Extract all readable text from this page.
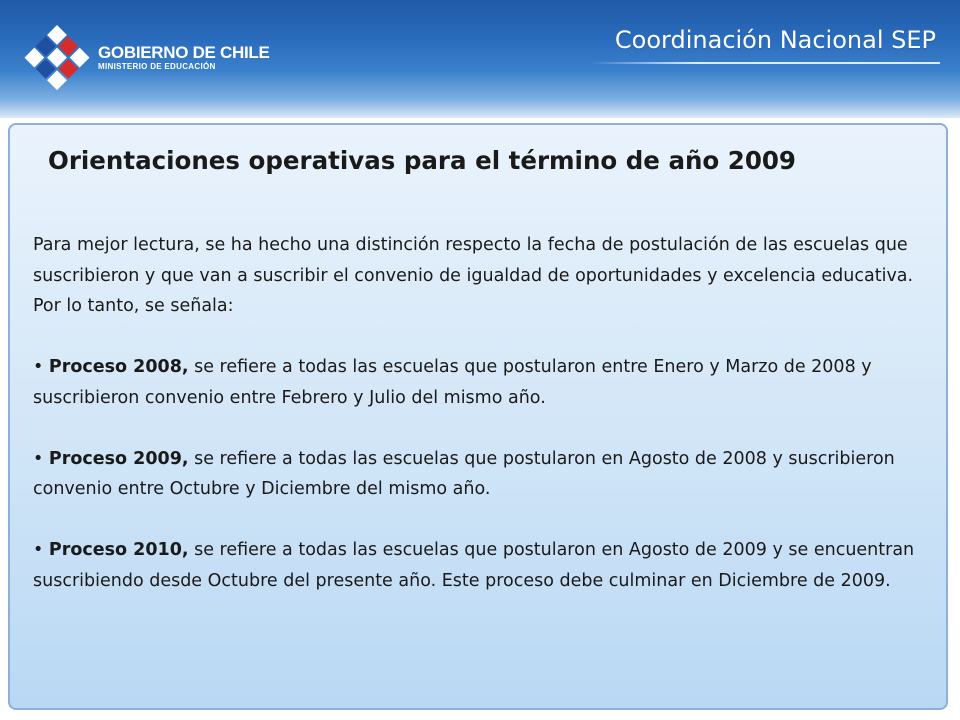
GOBIERNO DE CHILE
MINISTERIO DE EDUCACIÓN
Coordinación Nacional SEP
Orientaciones operativas para el término de año 2009

Para mejor lectura, se ha hecho una distinción respecto la fecha de postulación de las escuelas que suscribieron y que van a suscribir el convenio de igualdad de oportunidades y excelencia educativa. Por lo tanto, se señala:

• Proceso 2008, se refiere a todas las escuelas que postularon entre Enero y Marzo de 2008 y suscribieron convenio entre Febrero y Julio del mismo año.

• Proceso 2009, se refiere a todas las escuelas que postularon en Agosto de 2008 y suscribieron convenio entre Octubre y Diciembre del mismo año.

• Proceso 2010, se refiere a todas las escuelas que postularon en Agosto de 2009 y se encuentran suscribiendo desde Octubre del presente año. Este proceso debe culminar en Diciembre de 2009.
